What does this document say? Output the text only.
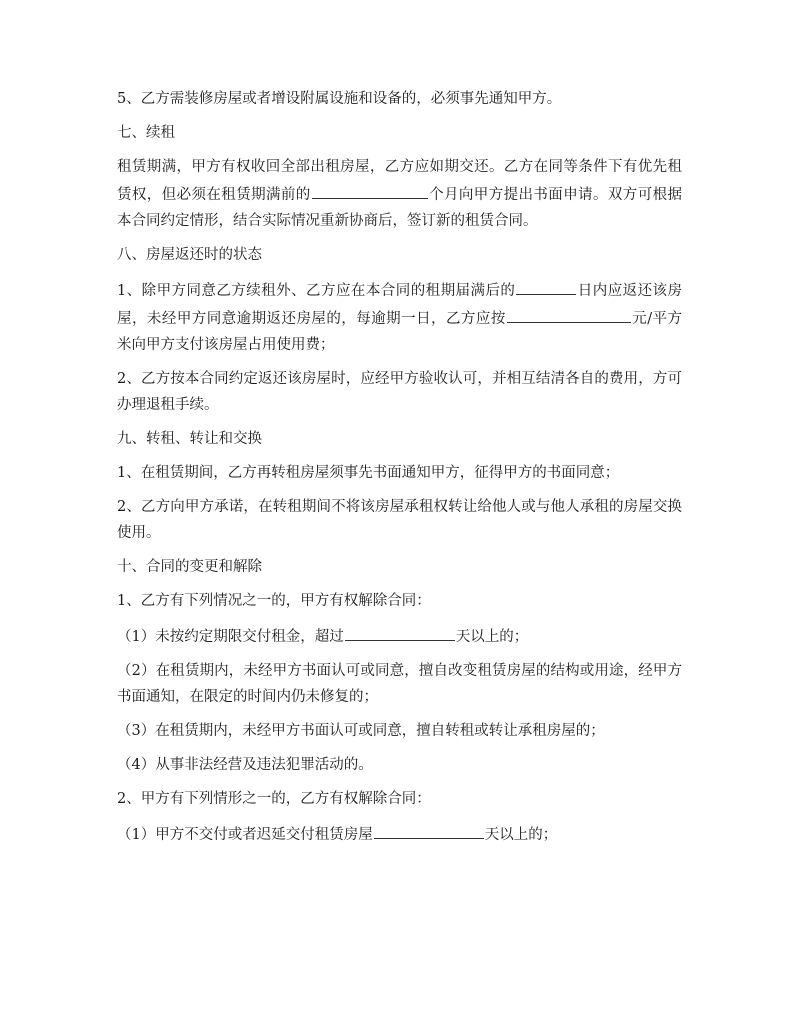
5、乙方需装修房屋或者增设附属设施和设备的，必须事先通知甲方。

七、续租

租赁期满，甲方有权收回全部出租房屋，乙方应如期交还。乙方在同等条件下有优先租赁权，但必须在租赁期满前的	个月向甲方提出书面申请。双方可根据本合同约定情形，结合实际情况重新协商后，签订新的租赁合同。

八、房屋返还时的状态

1、除甲方同意乙方续租外、乙方应在本合同的租期届满后的	日内应返还该房屋，未经甲方同意逾期返还房屋的，每逾期一日，乙方应按	元/平方米向甲方支付该房屋占用使用费；

2、乙方按本合同约定返还该房屋时，应经甲方验收认可，并相互结清各自的费用，方可办理退租手续。

九、转租、转让和交换

1、在租赁期间，乙方再转租房屋须事先书面通知甲方，征得甲方的书面同意；

2、乙方向甲方承诺，在转租期间不将该房屋承租权转让给他人或与他人承租的房屋交换使用。

十、合同的变更和解除

1、乙方有下列情况之一的，甲方有权解除合同：

（1）未按约定期限交付租金，超过	天以上的；

（2）在租赁期内，未经甲方书面认可或同意，擅自改变租赁房屋的结构或用途，经甲方书面通知，在限定的时间内仍未修复的；

（3）在租赁期内，未经甲方书面认可或同意，擅自转租或转让承租房屋的；

（4）从事非法经营及违法犯罪活动的。

2、甲方有下列情形之一的，乙方有权解除合同：

（1）甲方不交付或者迟延交付租赁房屋	天以上的；
